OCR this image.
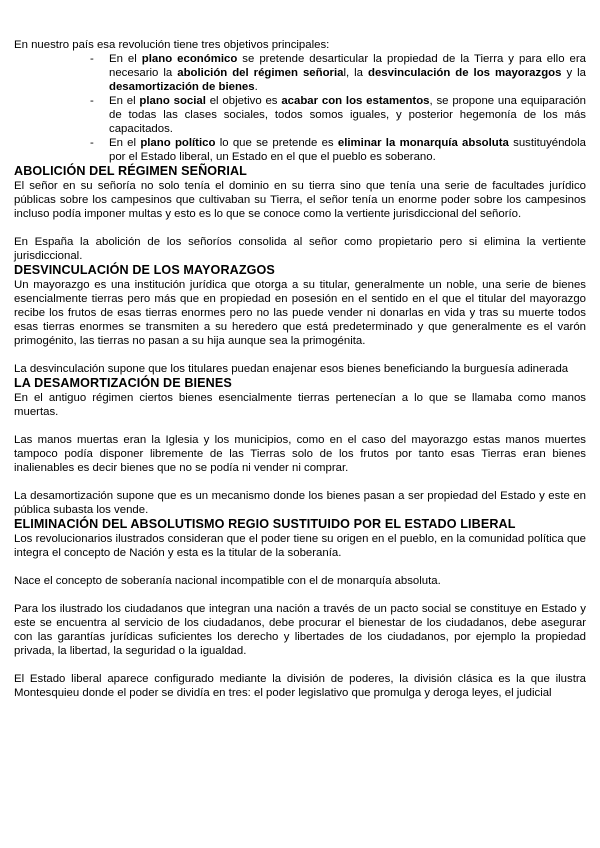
En nuestro país esa revolución tiene tres objetivos principales:

- En el plano económico se pretende desarticular la propiedad de la Tierra y para ello era necesario la abolición del régimen señorial, la desvinculación de los mayorazgos y la desamortización de bienes.
- En el plano social el objetivo es acabar con los estamentos, se propone una equiparación de todas las clases sociales, todos somos iguales, y posterior hegemonía de los más capacitados.
- En el plano político lo que se pretende es eliminar la monarquía absoluta sustituyéndola por el Estado liberal, un Estado en el que el pueblo es soberano.
ABOLICIÓN DEL RÉGIMEN SEÑORIAL

El señor en su señoría no solo tenía el dominio en su tierra sino que tenía una serie de facultades jurídico públicas sobre los campesinos que cultivaban su Tierra, el señor tenía un enorme poder sobre los campesinos incluso podía imponer multas y esto es lo que se conoce como la vertiente jurisdiccional del señorío.

En España la abolición de los señoríos consolida al señor como propietario pero si elimina la vertiente jurisdiccional.

DESVINCULACIÓN DE LOS MAYORAZGOS

Un mayorazgo es una institución jurídica que otorga a su titular, generalmente un noble, una serie de bienes esencialmente tierras pero más que en propiedad en posesión en el sentido en el que el titular del mayorazgo recibe los frutos de esas tierras enormes pero no las puede vender ni donarlas en vida y tras su muerte todos esas tierras enormes se transmiten a su heredero que está predeterminado y que generalmente es el varón primogénito, las tierras no pasan a su hija aunque sea la primogénita.

La desvinculación supone que los titulares puedan enajenar esos bienes beneficiando la burguesía adinerada

LA DESAMORTIZACIÓN DE BIENES

En el antiguo régimen ciertos bienes esencialmente tierras pertenecían a lo que se llamaba como manos muertas.

Las manos muertas eran la Iglesia y los municipios, como en el caso del mayorazgo estas manos muertes tampoco podía disponer libremente de las Tierras solo de los frutos por tanto esas Tierras eran bienes inalienables es decir bienes que no se podía ni vender ni comprar.

La desamortización supone que es un mecanismo donde los bienes pasan a ser propiedad del Estado y este en pública subasta los vende.

ELIMINACIÓN DEL ABSOLUTISMO REGIO SUSTITUIDO POR EL ESTADO LIBERAL

Los revolucionarios ilustrados consideran que el poder tiene su origen en el pueblo, en la comunidad política que integra el concepto de Nación y esta es la titular de la soberanía.

Nace el concepto de soberanía nacional incompatible con el de monarquía absoluta.

Para los ilustrado los ciudadanos que integran una nación a través de un pacto social se constituye en Estado y este se encuentra al servicio de los ciudadanos, debe procurar el bienestar de los ciudadanos, debe asegurar con las garantías jurídicas suficientes los derecho y libertades de los ciudadanos, por ejemplo la propiedad privada, la libertad, la seguridad o la igualdad.

El Estado liberal aparece configurado mediante la división de poderes, la división clásica es la que ilustra Montesquieu donde el poder se dividía en tres: el poder legislativo que promulga y deroga leyes, el judicial
